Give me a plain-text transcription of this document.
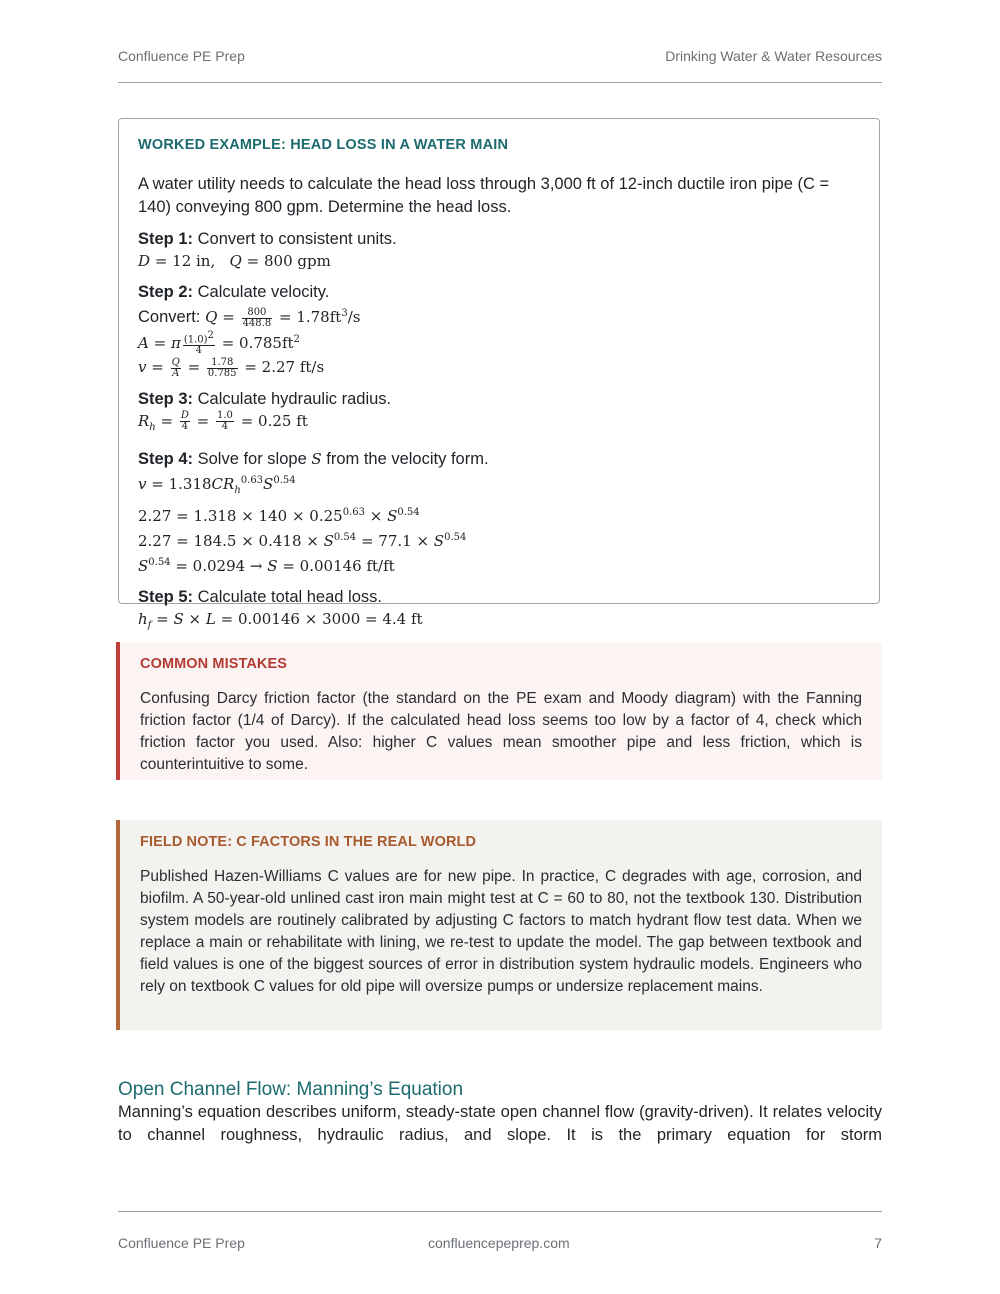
Confluence PE Prep	Drinking Water & Water Resources
WORKED EXAMPLE: HEAD LOSS IN A WATER MAIN
A water utility needs to calculate the head loss through 3,000 ft of 12-inch ductile iron pipe (C = 140) conveying 800 gpm. Determine the head loss.
Step 1: Convert to consistent units.
D = 12 in, Q = 800 gpm
Step 2: Calculate velocity.
Convert: $Q = \frac{800}{448.8} = 1.78ft^3/s$
A = π $\frac{(1.0)^2}{4} = 0.785ft^2$
$v = \frac{Q}{A} = \frac{1.78}{0.785} = 2.27$ ft/s
Step 3: Calculate hydraulic radius.
$R_h = \frac{D}{4} = \frac{1.0}{4} = 0.25$ ft
Step 4: Solve for slope S from the velocity form.
$v = 1.318CR_h^{0.63}S^{0.54}$
$2.27 = 1.318 \times 140 \times 0.25^{0.63} \times S^{0.54}$
$2.27 = 184.5 \times 0.418 \times S^{0.54} = 77.1 \times S^{0.54}$
$S^{0.54} = 0.0294 \to S = 0.00146$ ft/ft
Step 5: Calculate total head loss.
$h_f = S \times L = 0.00146 \times 3000 = 4.4$ ft
COMMON MISTAKES
Confusing Darcy friction factor (the standard on the PE exam and Moody diagram) with the Fanning friction factor (1/4 of Darcy). If the calculated head loss seems too low by a factor of 4, check which friction factor you used. Also: higher C values mean smoother pipe and less friction, which is counterintuitive to some.
FIELD NOTE: C FACTORS IN THE REAL WORLD
Published Hazen-Williams C values are for new pipe. In practice, C degrades with age, corrosion, and biofilm. A 50-year-old unlined cast iron main might test at C = 60 to 80, not the textbook 130. Distribution system models are routinely calibrated by adjusting C factors to match hydrant flow test data. When we replace a main or rehabilitate with lining, we re-test to update the model. The gap between textbook and field values is one of the biggest sources of error in distribution system hydraulic models. Engineers who rely on textbook C values for old pipe will oversize pumps or undersize replacement mains.
Open Channel Flow: Manning’s Equation
Manning’s equation describes uniform, steady-state open channel flow (gravity-driven). It relates velocity to channel roughness, hydraulic radius, and slope. It is the primary equation for storm
Confluence PE Prep	confluencepeprep.com	7
